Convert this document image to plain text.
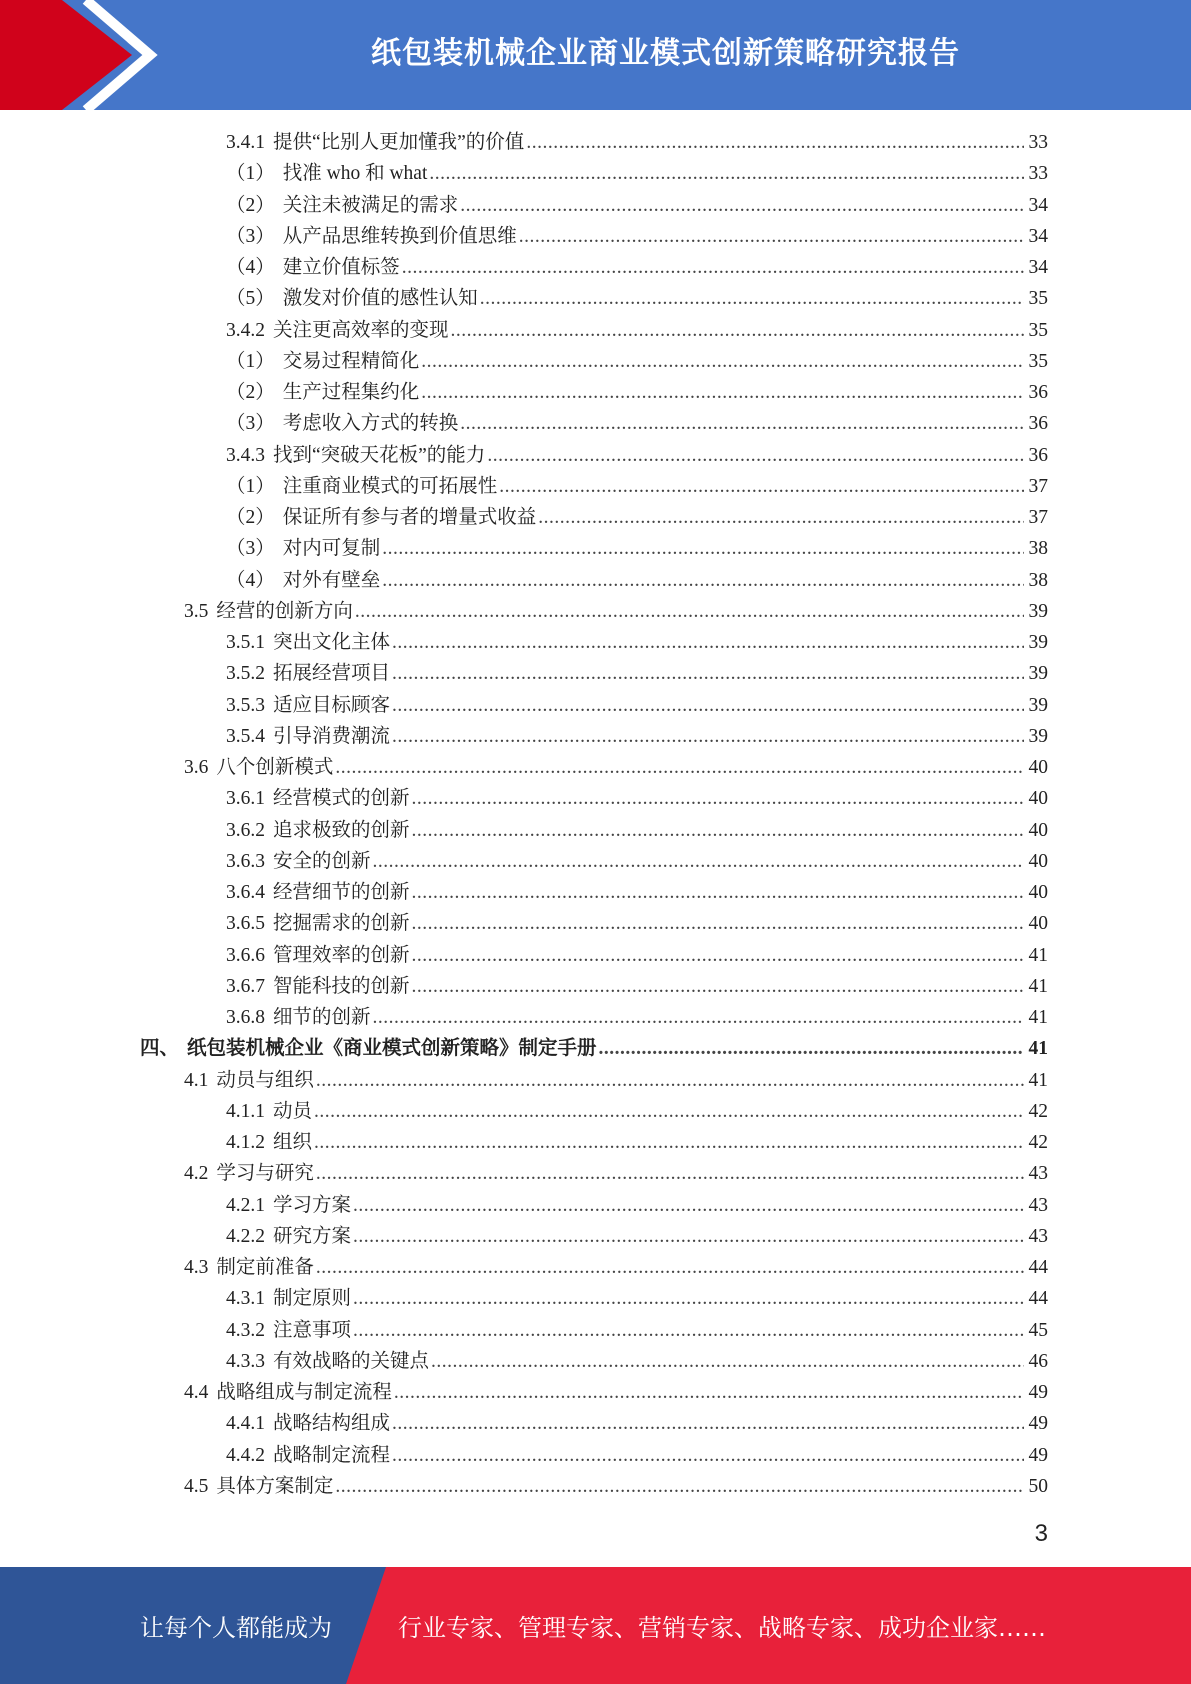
纸包装机械企业商业模式创新策略研究报告
3.4.1 提供“比别人更加懂我”的价值 .....	33
（1） 找准 who 和 what .....	33
（2） 关注未被满足的需求 .....	34
（3） 从产品思维转换到价值思维 .....	34
（4） 建立价值标签 .....	34
（5） 激发对价值的感性认知 .....	35
3.4.2 关注更高效率的变现 .....	35
（1） 交易过程精简化 .....	35
（2） 生产过程集约化 .....	36
（3） 考虑收入方式的转换 .....	36
3.4.3 找到“突破天花板”的能力 .....	36
（1） 注重商业模式的可拓展性 .....	37
（2） 保证所有参与者的增量式收益 .....	37
（3） 对内可复制 .....	38
（4） 对外有壁垒 .....	38
3.5 经营的创新方向 .....	39
3.5.1 突出文化主体 .....	39
3.5.2 拓展经营项目 .....	39
3.5.3 适应目标顾客 .....	39
3.5.4 引导消费潮流 .....	39
3.6 八个创新模式 .....	40
3.6.1 经营模式的创新 .....	40
3.6.2 追求极致的创新 .....	40
3.6.3 安全的创新 .....	40
3.6.4 经营细节的创新 .....	40
3.6.5 挖掘需求的创新 .....	40
3.6.6 管理效率的创新 .....	41
3.6.7 智能科技的创新 .....	41
3.6.8 细节的创新 .....	41
四、 纸包装机械企业《商业模式创新策略》制定手册 .....	41
4.1 动员与组织 .....	41
4.1.1 动员 .....	42
4.1.2 组织 .....	42
4.2 学习与研究 .....	43
4.2.1 学习方案 .....	43
4.2.2 研究方案 .....	43
4.3 制定前准备 .....	44
4.3.1 制定原则 .....	44
4.3.2 注意事项 .....	45
4.3.3 有效战略的关键点 .....	46
4.4 战略组成与制定流程 .....	49
4.4.1 战略结构组成 .....	49
4.4.2 战略制定流程 .....	49
4.5 具体方案制定 .....	50
3
让每个人都能成为	行业专家、管理专家、营销专家、战略专家、成功企业家……
